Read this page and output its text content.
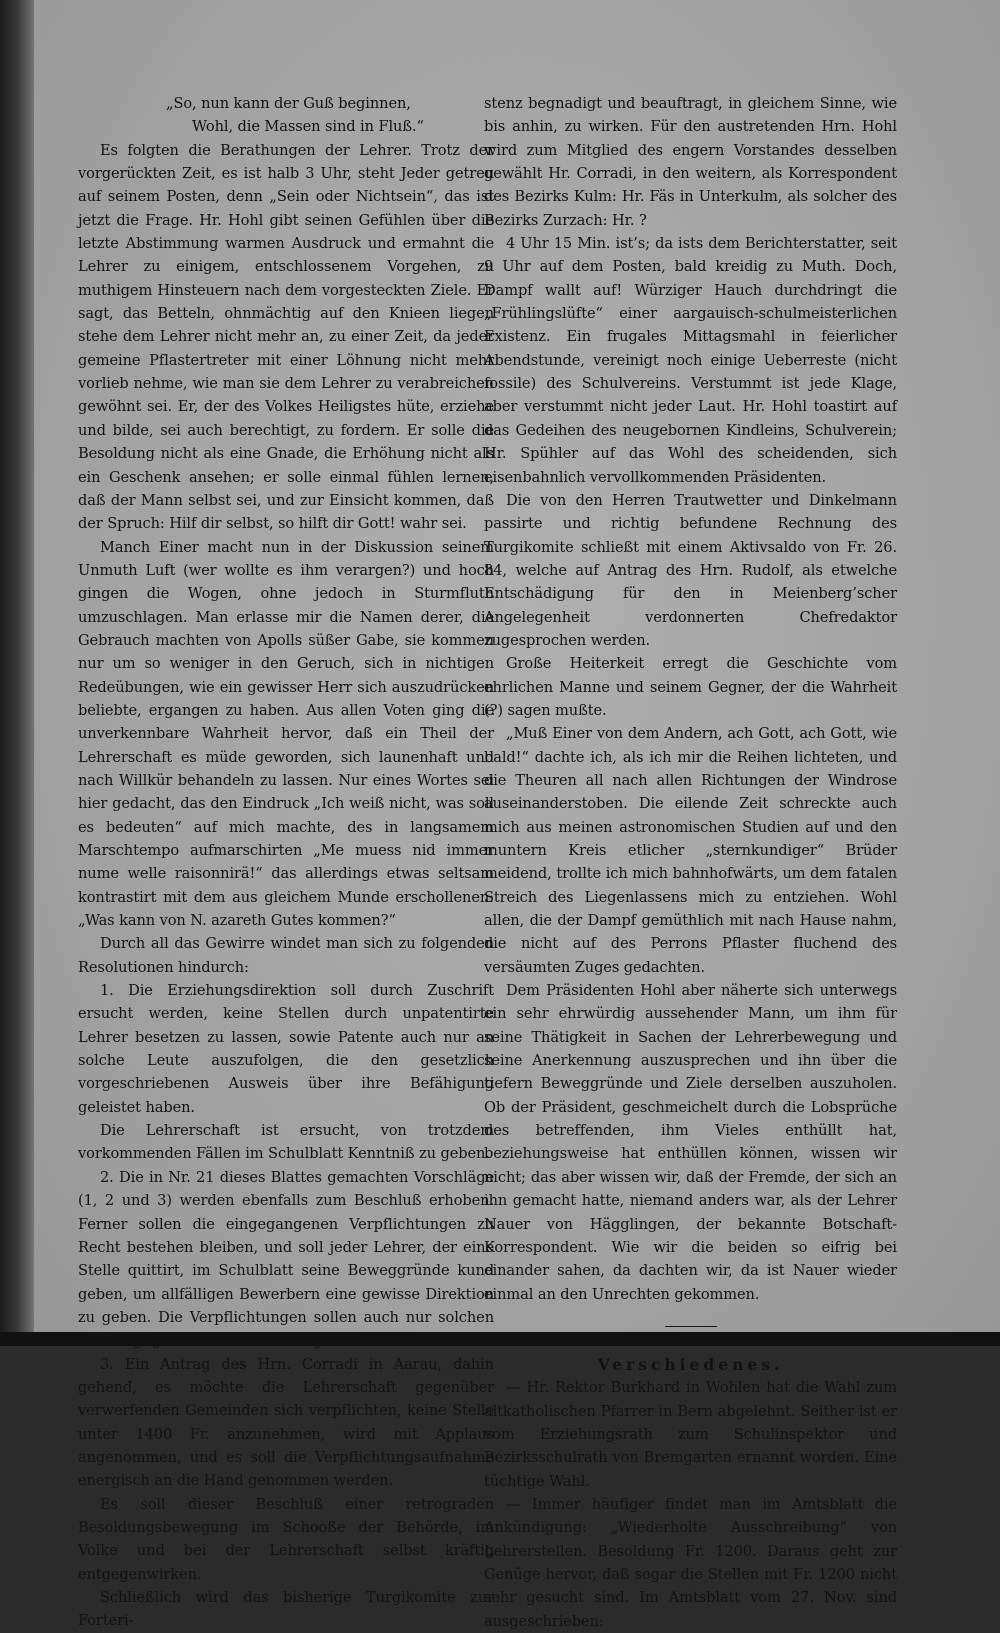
„So, nun kann der Guß beginnen,

Wohl, die Massen sind in Fluß.“

Es folgten die Berathungen der Lehrer. Trotz der vorgerückten Zeit, es ist halb 3 Uhr, steht Jeder getreu auf seinem Posten, denn „Sein oder Nichtsein“, das ist jetzt die Frage. Hr. Hohl gibt seinen Gefühlen über die letzte Abstimmung warmen Ausdruck und ermahnt die Lehrer zu einigem, entschlossenem Vorgehen, zu muthigem Hinsteuern nach dem vorgesteckten Ziele. Er sagt, das Betteln, ohnmächtig auf den Knieen liegen stehe dem Lehrer nicht mehr an, zu einer Zeit, da jeder gemeine Pflastertreter mit einer Löhnung nicht mehr vorlieb nehme, wie man sie dem Lehrer zu verabreichen gewöhnt sei. Er, der des Volkes Heiligstes hüte, erziehe und bilde, sei auch berechtigt, zu fordern. Er solle die Besoldung nicht als eine Gnade, die Erhöhung nicht als ein Geschenk ansehen; er solle einmal fühlen lernen, daß der Mann selbst sei, und zur Einsicht kommen, daß der Spruch: Hilf dir selbst, so hilft dir Gott! wahr sei.

Manch Einer macht nun in der Diskussion seinem Unmuth Luft (wer wollte es ihm verargen?) und hoch gingen die Wogen, ohne jedoch in Sturmfluth umzuschlagen. Man erlasse mir die Namen derer, die Gebrauch machten von Apolls süßer Gabe, sie kommen nur um so weniger in den Geruch, sich in nichtigen Redeübungen, wie ein gewisser Herr sich auszudrücken beliebte, ergangen zu haben. Aus allen Voten ging die unverkennbare Wahrheit hervor, daß ein Theil der Lehrerschaft es müde geworden, sich launenhaft und nach Willkür behandeln zu lassen. Nur eines Wortes sei hier gedacht, das den Eindruck „Ich weiß nicht, was soll es bedeuten“ auf mich machte, des in langsamem Marschtempo aufmarschirten „Me muess nid immer nume welle raisonnirä!“ das allerdings etwas seltsam kontrastirt mit dem aus gleichem Munde erschollenen: „Was kann von N. azareth Gutes kommen?“

Durch all das Gewirre windet man sich zu folgenden Resolutionen hindurch:

1. Die Erziehungsdirektion soll durch Zuschrift ersucht werden, keine Stellen durch unpatentirte Lehrer besetzen zu lassen, sowie Patente auch nur an solche Leute auszufolgen, die den gesetzlich vorgeschriebenen Ausweis über ihre Befähigung geleistet haben.

Die Lehrerschaft ist ersucht, von trotzdem vorkommenden Fällen im Schulblatt Kenntniß zu geben.

2. Die in Nr. 21 dieses Blattes gemachten Vorschläge (1, 2 und 3) werden ebenfalls zum Beschluß erhoben. Ferner sollen die eingegangenen Verpflichtungen zu Recht bestehen bleiben, und soll jeder Lehrer, der eine Stelle quittirt, im Schulblatt seine Beweggründe kund geben, um allfälligen Bewerbern eine gewisse Direktion zu geben. Die Verpflichtungen sollen auch nur solchen

3. Ein Antrag des Hrn. Corradi in Aarau, dahin gehend, es möchte die Lehrerschaft gegenüber verwerfenden Gemeinden sich verpflichten, keine Stelle unter 1400 Fr. anzunehmen, wird mit Applaus angenommen, und es soll die Verpflichtungsaufnahme energisch an die Hand genommen werden.

Es soll dieser Beschluß einer retrograden Besoldungsbewegung im Schooße der Behörde, im Volke und bei der Lehrerschaft selbst kräftig entgegenwirken.

Schließlich wird das bisherige Turgikomite zur Forteri-

stenz begnadigt und beauftragt, in gleichem Sinne, wie bis anhin, zu wirken. Für den austretenden Hrn. Hohl wird zum Mitglied des engern Vorstandes desselben gewählt Hr. Corradi, in den weitern, als Korrespondent des Bezirks Kulm: Hr. Fäs in Unterkulm, als solcher des Bezirks Zurzach: Hr. ?

4 Uhr 15 Min. ist’s; da ists dem Berichterstatter, seit 9 Uhr auf dem Posten, bald kreidig zu Muth. Doch, Dampf wallt auf! Würziger Hauch durchdringt die „Frühlingslüfte“ einer aargauisch-schulmeisterlichen Existenz. Ein frugales Mittagsmahl in feierlicher Abendstunde, vereinigt noch einige Ueberreste (nicht fossile) des Schulvereins. Verstummt ist jede Klage, aber verstummt nicht jeder Laut. Hr. Hohl toastirt auf das Gedeihen des neugebornen Kindleins, Schulverein; Hr. Spühler auf das Wohl des scheidenden, sich eisenbahnlich vervollkommenden Präsidenten.

Die von den Herren Trautwetter und Dinkelmann passirte und richtig befundene Rechnung des Turgikomite schließt mit einem Aktivsaldo von Fr. 26. 84, welche auf Antrag des Hrn. Rudolf, als etwelche Entschädigung für den in Meienberg’scher Angelegenheit verdonnerten Chefredaktor zugesprochen werden.

Große Heiterkeit erregt die Geschichte vom ehrlichen Manne und seinem Gegner, der die Wahrheit (?) sagen mußte.

„Muß Einer von dem Andern, ach Gott, ach Gott, wie bald!“ dachte ich, als ich mir die Reihen lichteten, und die Theuren all nach allen Richtungen der Windrose auseinanderstoben. Die eilende Zeit schreckte auch mich aus meinen astronomischen Studien auf und den muntern Kreis etlicher „sternkundiger“ Brüder meidend, trollte ich mich bahnhofwärts, um dem fatalen Streich des Liegenlassens mich zu entziehen. Wohl allen, die der Dampf gemüthlich mit nach Hause nahm, die nicht auf des Perrons Pflaster fluchend des versäumten Zuges gedachten.

Dem Präsidenten Hohl aber näherte sich unterwegs ein sehr ehrwürdig aussehender Mann, um ihm für seine Thätigkeit in Sachen der Lehrerbewegung und seine Anerkennung auszusprechen und ihn über die tiefern Beweggründe und Ziele derselben auszuholen. Ob der Präsident, geschmeichelt durch die Lobsprüche des betreffenden, ihm Vieles enthüllt hat, beziehungsweise hat enthüllen können, wissen wir nicht; das aber wissen wir, daß der Fremde, der sich an ihn gemacht hatte, niemand anders war, als der Lehrer Nauer von Hägglingen, der bekannte Botschaft-Korrespondent. Wie wir die beiden so eifrig bei einander sahen, da dachten wir, da ist Nauer wieder einmal an den Unrechten gekommen.

Verschiedenes.

— Hr. Rektor Burkhard in Wohlen hat die Wahl zum altkatholischen Pfarrer in Bern abgelehnt. Seither ist er vom Erziehungsrath zum Schulinspektor und Bezirksschulrath von Bremgarten ernannt worden. Eine tüchtige Wahl.

— Immer häufiger findet man im Amtsblatt die Ankündigung: „Wiederholte Ausschreibung“ von Lehrerstellen. Besoldung Fr. 1200. Daraus geht zur Genüge hervor, daß sogar die Stellen mit Fr. 1200 nicht sehr gesucht sind. Im Amtsblatt vom 27. Nov. sind ausgeschrieben:
